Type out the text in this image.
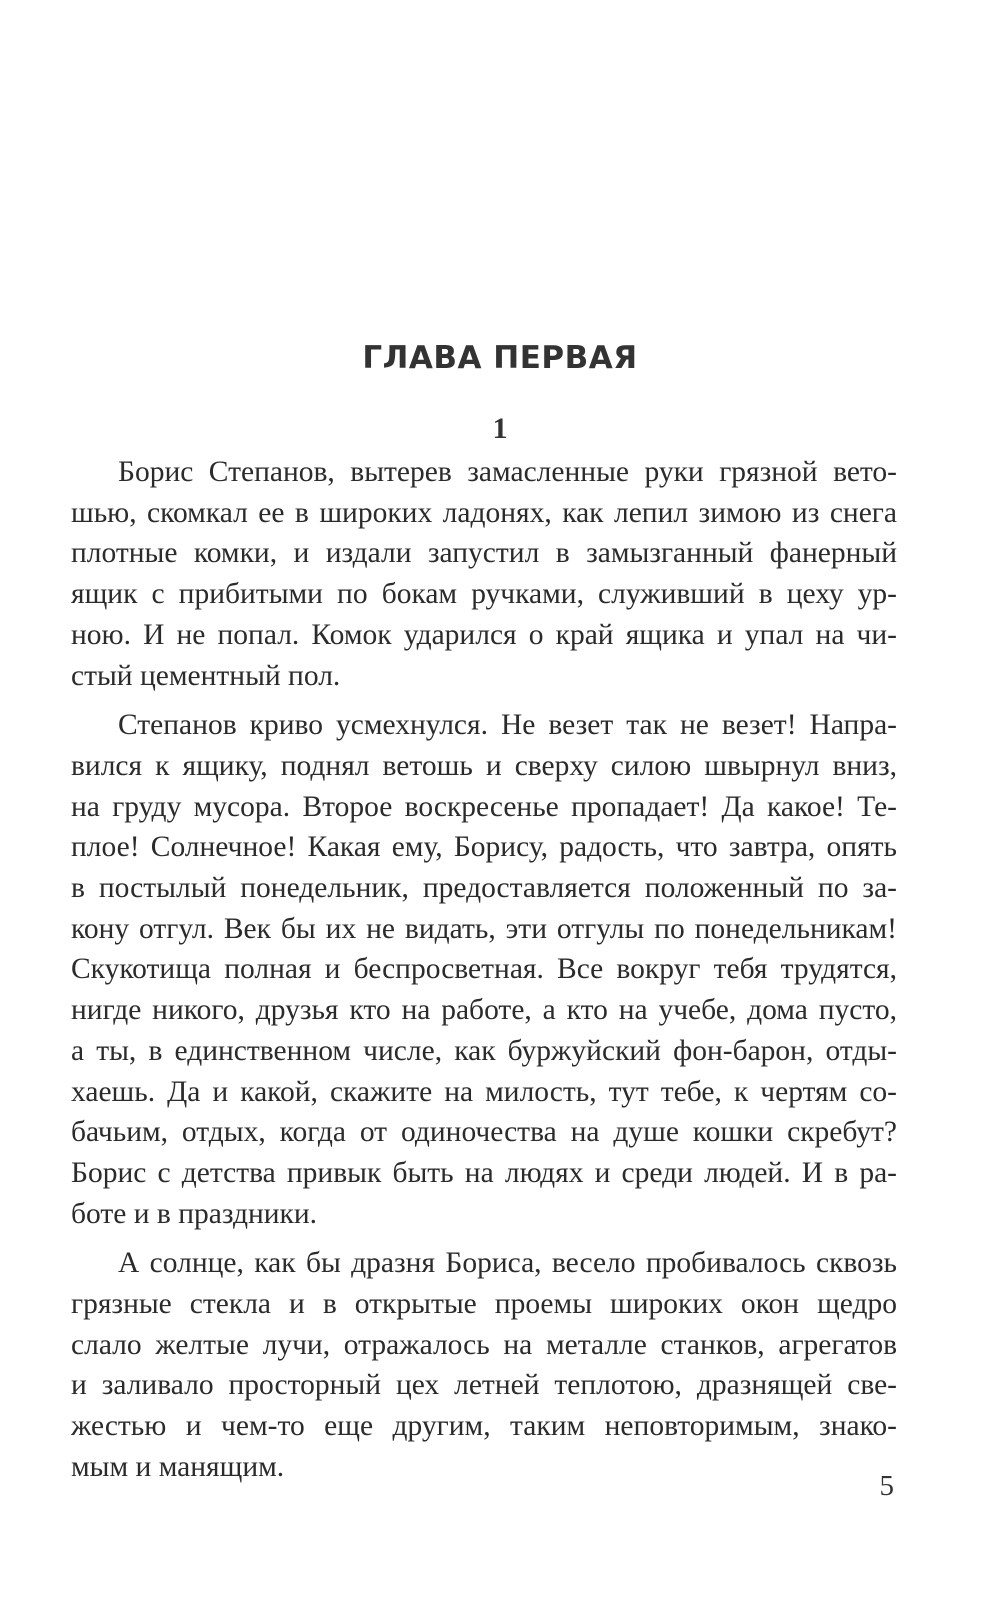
ГЛАВА ПЕРВАЯ
1
Борис Степанов, вытерев замасленные руки грязной вето-
шью, скомкал ее в широких ладонях, как лепил зимою из снега
плотные комки, и издали запустил в замызганный фанерный
ящик с прибитыми по бокам ручками, служивший в цеху ур-
ною. И не попал. Комок ударился о край ящика и упал на чи-
стый цементный пол.
Степанов криво усмехнулся. Не везет так не везет! Напра-
вился к ящику, поднял ветошь и сверху силою швырнул вниз,
на груду мусора. Второе воскресенье пропадает! Да какое! Те-
плое! Солнечное! Какая ему, Борису, радость, что завтра, опять
в постылый понедельник, предоставляется положенный по за-
кону отгул. Век бы их не видать, эти отгулы по понедельникам!
Скукотища полная и беспросветная. Все вокруг тебя трудятся,
нигде никого, друзья кто на работе, а кто на учебе, дома пусто,
а ты, в единственном числе, как буржуйский фон-барон, отды-
хаешь. Да и какой, скажите на милость, тут тебе, к чертям со-
бачьим, отдых, когда от одиночества на душе кошки скребут?
Борис с детства привык быть на людях и среди людей. И в ра-
боте и в праздники.
А солнце, как бы дразня Бориса, весело пробивалось сквозь
грязные стекла и в открытые проемы широких окон щедро
слало желтые лучи, отражалось на металле станков, агрегатов
и заливало просторный цех летней теплотою, дразнящей све-
жестью и чем-то еще другим, таким неповторимым, знако-
мым и манящим.
5
